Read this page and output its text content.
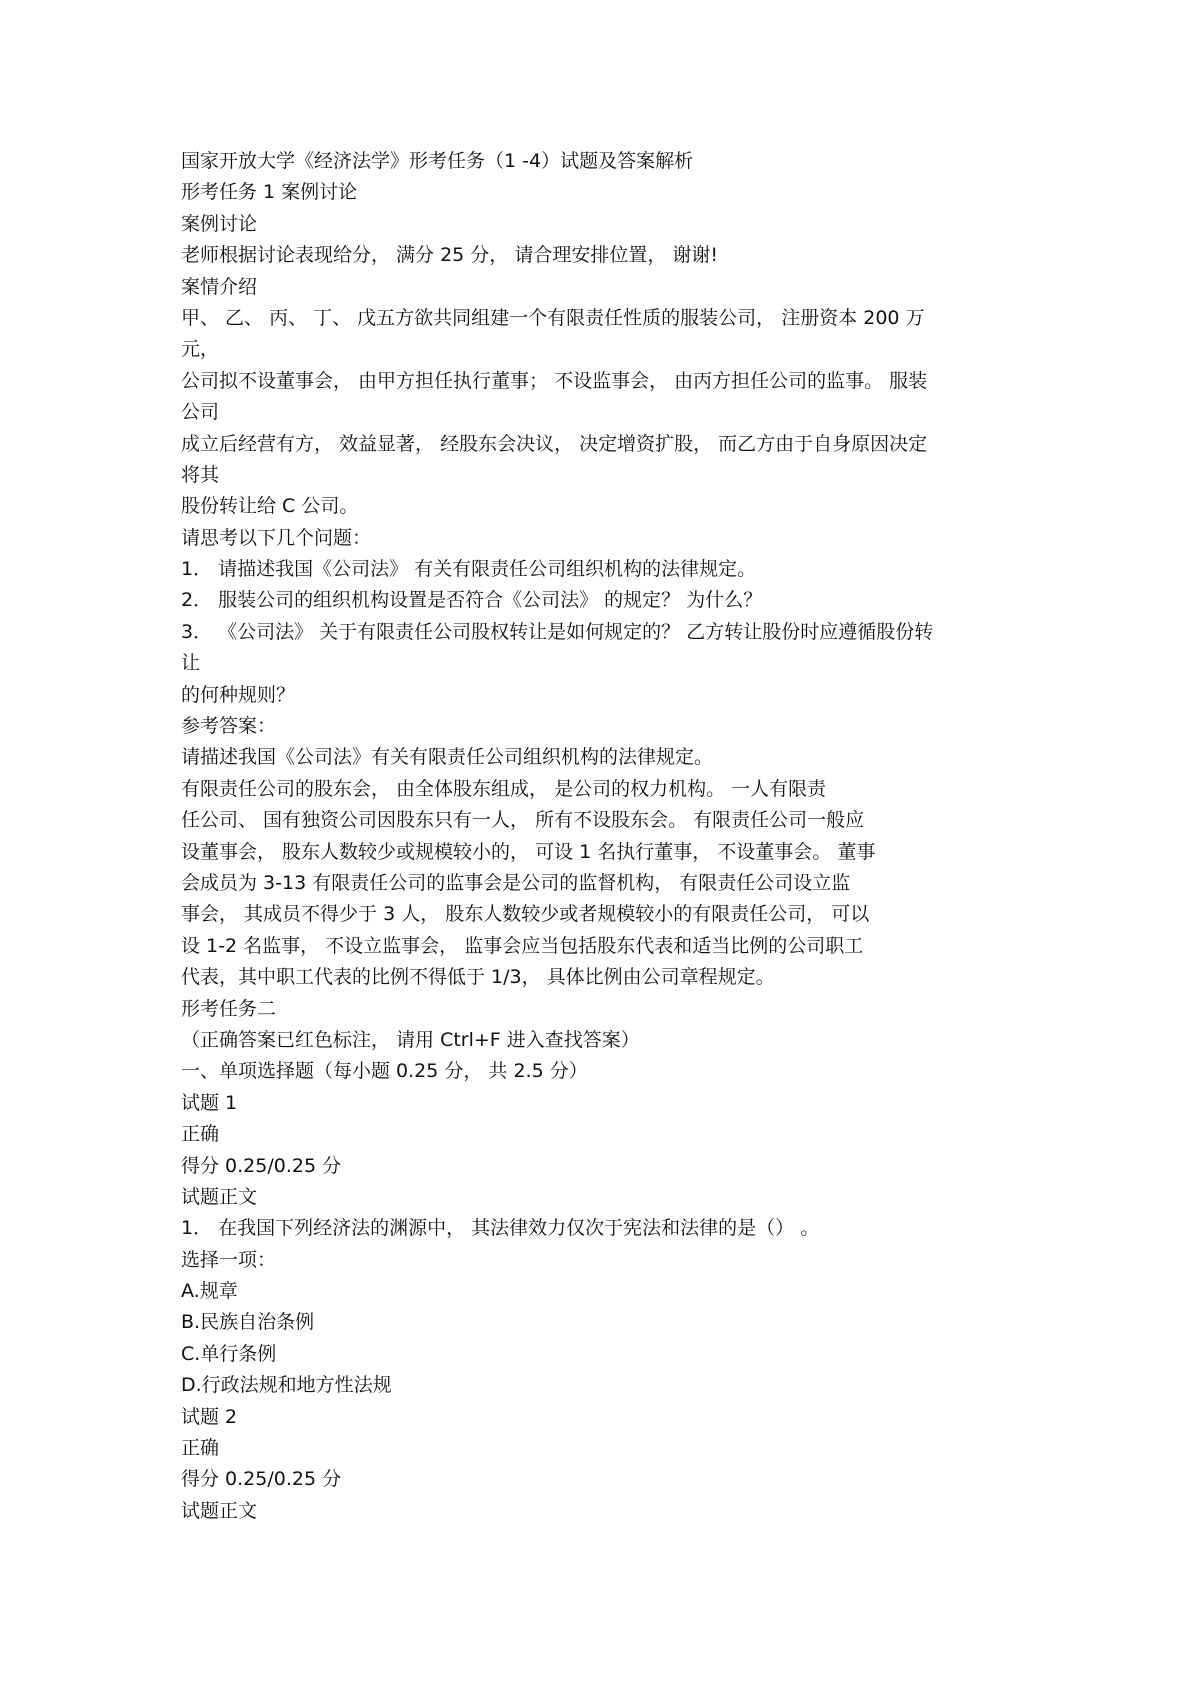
国家开放大学《经济法学》形考任务（1 -4）试题及答案解析
形考任务 1 案例讨论
案例讨论
老师根据讨论表现给分， 满分 25 分， 请合理安排位置， 谢谢!
案情介绍
甲、 乙、 丙、 丁、 戊五方欲共同组建一个有限责任性质的服装公司， 注册资本 200 万
元，
公司拟不设董事会， 由甲方担任执行董事； 不设监事会， 由丙方担任公司的监事。 服装
公司
成立后经营有方， 效益显著， 经股东会决议， 决定增资扩股， 而乙方由于自身原因决定
将其
股份转让给 C 公司。
请思考以下几个问题：
1． 请描述我国《公司法》 有关有限责任公司组织机构的法律规定。
2． 服装公司的组织机构设置是否符合《公司法》 的规定？ 为什么？
3． 《公司法》 关于有限责任公司股权转让是如何规定的？ 乙方转让股份时应遵循股份转
让
的何种规则？
参考答案：
请描述我国《公司法》有关有限责任公司组织机构的法律规定。
有限责任公司的股东会， 由全体股东组成， 是公司的权力机构。 一人有限责
任公司、 国有独资公司因股东只有一人， 所有不设股东会。 有限责任公司一般应
设董事会， 股东人数较少或规模较小的， 可设 1 名执行董事， 不设董事会。 董事
会成员为 3-13 有限责任公司的监事会是公司的监督机构， 有限责任公司设立监
事会， 其成员不得少于 3 人， 股东人数较少或者规模较小的有限责任公司， 可以
设 1-2 名监事， 不设立监事会， 监事会应当包括股东代表和适当比例的公司职工
代表，其中职工代表的比例不得低于 1/3， 具体比例由公司章程规定。
形考任务二
（正确答案已红色标注， 请用 Ctrl+F 进入查找答案）
一、单项选择题（每小题 0.25 分， 共 2.5 分）
试题 1
正确
得分 0.25/0.25 分
试题正文
1． 在我国下列经济法的渊源中， 其法律效力仅次于宪法和法律的是（） 。
选择一项：
A.规章
B.民族自治条例
C.单行条例
D.行政法规和地方性法规
试题 2
正确
得分 0.25/0.25 分
试题正文
